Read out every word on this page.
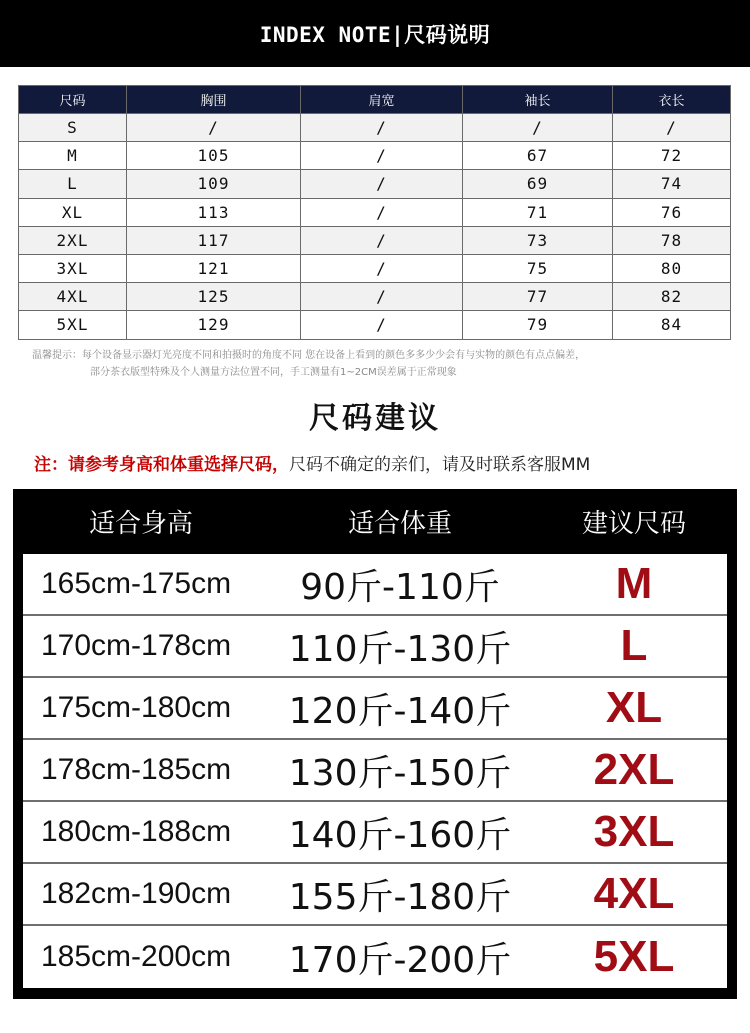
INDEX NOTE|尺码说明
尺码	胸围	肩宽	袖长	衣长
S	/	/	/	/
M	105	/	67	72
L	109	/	69	74
XL	113	/	71	76
2XL	117	/	73	78
3XL	121	/	75	80
4XL	125	/	77	82
5XL	129	/	79	84
温馨提示：每个设备显示器灯光亮度不同和拍摄时的角度不同 您在设备上看到的颜色多多少少会有与实物的颜色有点点偏差，
部分茶衣版型特殊及个人测量方法位置不同，手工测量有1~2CM误差属于正常现象
尺码建议
注：请参考身高和体重选择尺码，尺码不确定的亲们，请及时联系客服MM
适合身高	适合体重	建议尺码
165cm-175cm	90斤-110斤	M
170cm-178cm	110斤-130斤	L
175cm-180cm	120斤-140斤	XL
178cm-185cm	130斤-150斤	2XL
180cm-188cm	140斤-160斤	3XL
182cm-190cm	155斤-180斤	4XL
185cm-200cm	170斤-200斤	5XL
